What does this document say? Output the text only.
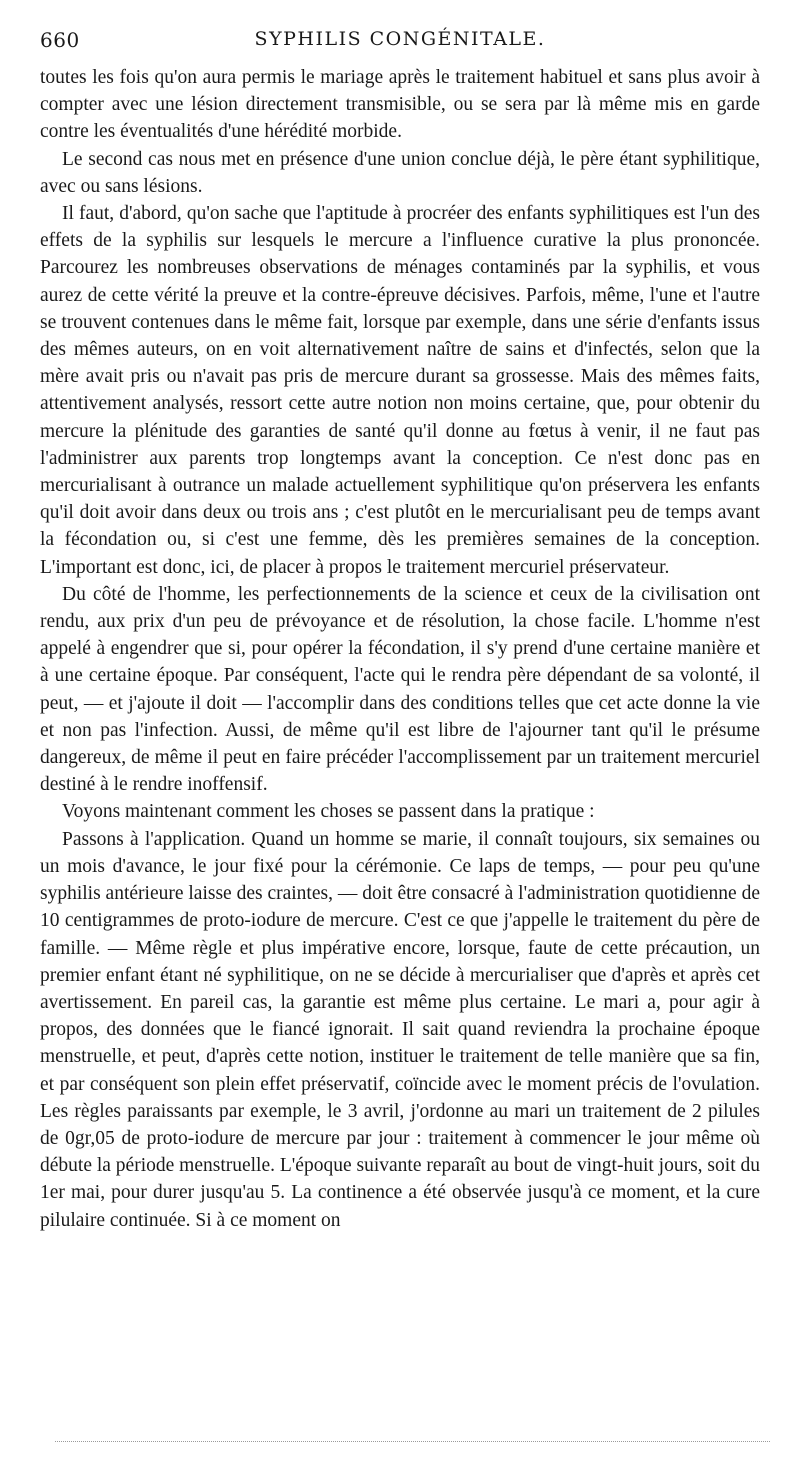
660	SYPHILIS CONGÉNITALE.

toutes les fois qu'on aura permis le mariage après le traitement habituel et sans plus avoir à compter avec une lésion directement transmisible, ou se sera par là même mis en garde contre les éventualités d'une hérédité morbide.

Le second cas nous met en présence d'une union conclue déjà, le père étant syphilitique, avec ou sans lésions.

Il faut, d'abord, qu'on sache que l'aptitude à procréer des enfants syphilitiques est l'un des effets de la syphilis sur lesquels le mercure a l'influence curative la plus prononcée. Parcourez les nombreuses observations de ménages contaminés par la syphilis, et vous aurez de cette vérité la preuve et la contre-épreuve décisives. Parfois, même, l'une et l'autre se trouvent contenues dans le même fait, lorsque par exemple, dans une série d'enfants issus des mêmes auteurs, on en voit alternativement naître de sains et d'infectés, selon que la mère avait pris ou n'avait pas pris de mercure durant sa grossesse. Mais des mêmes faits, attentivement analysés, ressort cette autre notion non moins certaine, que, pour obtenir du mercure la plénitude des garanties de santé qu'il donne au fœtus à venir, il ne faut pas l'administrer aux parents trop longtemps avant la conception. Ce n'est donc pas en mercurialisant à outrance un malade actuellement syphilitique qu'on préservera les enfants qu'il doit avoir dans deux ou trois ans ; c'est plutôt en le mercurialisant peu de temps avant la fécondation ou, si c'est une femme, dès les premières semaines de la conception. L'important est donc, ici, de placer à propos le traitement mercuriel préservateur.

Du côté de l'homme, les perfectionnements de la science et ceux de la civilisation ont rendu, aux prix d'un peu de prévoyance et de résolution, la chose facile. L'homme n'est appelé à engendrer que si, pour opérer la fécondation, il s'y prend d'une certaine manière et à une certaine époque. Par conséquent, l'acte qui le rendra père dépendant de sa volonté, il peut, — et j'ajoute il doit — l'accomplir dans des conditions telles que cet acte donne la vie et non pas l'infection. Aussi, de même qu'il est libre de l'ajourner tant qu'il le présume dangereux, de même il peut en faire précéder l'accomplissement par un traitement mercuriel destiné à le rendre inoffensif.

Voyons maintenant comment les choses se passent dans la pratique :

Passons à l'application. Quand un homme se marie, il connaît toujours, six semaines ou un mois d'avance, le jour fixé pour la cérémonie. Ce laps de temps, — pour peu qu'une syphilis antérieure laisse des craintes, — doit être consacré à l'administration quotidienne de 10 centigrammes de proto-iodure de mercure. C'est ce que j'appelle le traitement du père de famille. — Même règle et plus impérative encore, lorsque, faute de cette précaution, un premier enfant étant né syphilitique, on ne se décide à mercurialiser que d'après et après cet avertissement. En pareil cas, la garantie est même plus certaine. Le mari a, pour agir à propos, des données que le fiancé ignorait. Il sait quand reviendra la prochaine époque menstruelle, et peut, d'après cette notion, instituer le traitement de telle manière que sa fin, et par conséquent son plein effet préservatif, coïncide avec le moment précis de l'ovulation. Les règles paraissants par exemple, le 3 avril, j'ordonne au mari un traitement de 2 pilules de 0gr,05 de proto-iodure de mercure par jour : traitement à commencer le jour même où débute la période menstruelle. L'époque suivante reparaît au bout de vingt-huit jours, soit du 1er mai, pour durer jusqu'au 5. La continence a été observée jusqu'à ce moment, et la cure pilulaire continuée. Si à ce moment on
